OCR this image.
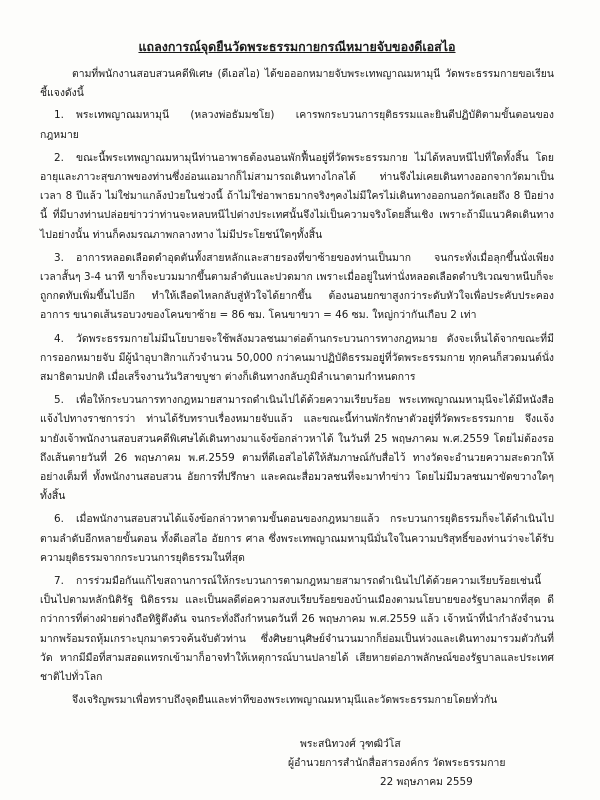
แถลงการณ์จุดยืนวัดพระธรรมกายกรณีหมายจับของดีเอสไอ

ตามที่พนักงานสอบสวนคดีพิเศษ (ดีเอสไอ) ได้ขอออกหมายจับพระเทพญาณมหามุนี วัดพระธรรมกายขอเรียนชี้แจงดังนี้

1. พระเทพญาณมหามุนี (หลวงพ่อธัมมชโย) เคารพกระบวนการยุติธรรมและยินดีปฏิบัติตามขั้นตอนของกฎหมาย

2. ขณะนี้พระเทพญาณมหามุนีท่านอาพาธต้องนอนพักฟื้นอยู่ที่วัดพระธรรมกาย ไม่ได้หลบหนีไปที่ใดทั้งสิ้น โดยอายุและภาวะสุขภาพของท่านซึ่งอ่อนแอมากก็ไม่สามารถเดินทางไกลได้ ท่านจึงไม่เคยเดินทางออกจากวัดมาเป็นเวลา 8 ปีแล้ว ไม่ใช่มาแกล้งป่วยในช่วงนี้ ถ้าไม่ใช่อาพาธมากจริงๆคงไม่มีใครไม่เดินทางออกนอกวัดเลยถึง 8 ปีอย่างนี้ ที่มีบางท่านปล่อยข่าวว่าท่านจะหลบหนีไปต่างประเทศนั้นจึงไม่เป็นความจริงโดยสิ้นเชิง เพราะถ้ามีแนวคิดเดินทางไปอย่างนั้น ท่านก็คงมรณภาพกลางทาง ไม่มีประโยชน์ใดๆทั้งสิ้น

3. อาการหลอดเลือดดำอุดตันทั้งสายหลักและสายรองที่ขาซ้ายของท่านเป็นมาก จนกระทั่งเมื่อลุกขึ้นนั่งเพียงเวลาสั้นๆ 3-4 นาที ขาก็จะบวมมากขึ้นตามลำดับและปวดมาก เพราะเมื่ออยู่ในท่านั่งหลอดเลือดดำบริเวณขาหนีบก็จะถูกกดทับเพิ่มขึ้นไปอีก ทำให้เลือดไหลกลับสู่หัวใจได้ยากขึ้น ต้องนอนยกขาสูงกว่าระดับหัวใจเพื่อประคับประคองอาการ ขนาดเส้นรอบวงของโคนขาซ้าย = 86 ซม. โคนขาขวา = 46 ซม. ใหญ่กว่ากันเกือบ 2 เท่า

4. วัดพระธรรมกายไม่มีนโยบายจะใช้พลังมวลชนมาต่อต้านกระบวนการทางกฎหมาย ดังจะเห็นได้จากขณะที่มีการออกหมายจับ มีผู้นำอุบาสิกาแก้วจำนวน 50,000 กว่าคนมาปฏิบัติธรรมอยู่ที่วัดพระธรรมกาย ทุกคนก็สวดมนต์นั่งสมาธิตามปกติ เมื่อเสร็จงานวันวิสาขบูชา ต่างก็เดินทางกลับภูมิลำเนาตามกำหนดการ

5. เพื่อให้กระบวนการทางกฎหมายสามารถดำเนินไปได้ด้วยความเรียบร้อย พระเทพญาณมหามุนีจะได้มีหนังสือแจ้งไปทางราชการว่า ท่านได้รับทราบเรื่องหมายจับแล้ว และขณะนี้ท่านพักรักษาตัวอยู่ที่วัดพระธรรมกาย จึงแจ้งมายังเจ้าพนักงานสอบสวนคดีพิเศษได้เดินทางมาแจ้งข้อกล่าวหาได้ ในวันที่ 25 พฤษภาคม พ.ศ.2559 โดยไม่ต้องรอถึงเส้นตายวันที่ 26 พฤษภาคม พ.ศ.2559 ตามที่ดีเอสไอได้ให้สัมภาษณ์กับสื่อไว้ ทางวัดจะอำนวยความสะดวกให้อย่างเต็มที่ ทั้งพนักงานสอบสวน อัยการที่ปรึกษา และคณะสื่อมวลชนที่จะมาทำข่าว โดยไม่มีมวลชนมาขัดขวางใดๆทั้งสิ้น

6. เมื่อพนักงานสอบสวนได้แจ้งข้อกล่าวหาตามขั้นตอนของกฎหมายแล้ว กระบวนการยุติธรรมก็จะได้ดำเนินไปตามลำดับอีกหลายขั้นตอน ทั้งดีเอสไอ อัยการ ศาล ซึ่งพระเทพญาณมหามุนีมั่นใจในความบริสุทธิ์ของท่านว่าจะได้รับความยุติธรรมจากกระบวนการยุติธรรมในที่สุด

7. การร่วมมือกันแก้ไขสถานการณ์ให้กระบวนการตามกฎหมายสามารถดำเนินไปได้ด้วยความเรียบร้อยเช่นนี้ เป็นไปตามหลักนิติรัฐ นิติธรรม และเป็นผลดีต่อความสงบเรียบร้อยของบ้านเมืองตามนโยบายของรัฐบาลมากที่สุด ดีกว่าการที่ต่างฝ่ายต่างถือทิฐิตึงดัน จนกระทั่งถึงกำหนดวันที่ 26 พฤษภาคม พ.ศ.2559 แล้ว เจ้าหน้าที่นำกำลังจำนวนมากพร้อมรถหุ้มเกราะบุกมาตรวจค้นจับตัวท่าน ซึ่งศิษยานุศิษย์จำนวนมากก็ย่อมเป็นห่วงและเดินทางมารวมตัวกันที่วัด หากมีมือที่สามสอดแทรกเข้ามาก็อาจทำให้เหตุการณ์บานปลายได้ เสียหายต่อภาพลักษณ์ของรัฐบาลและประเทศชาติไปทั่วโลก

จึงเจริญพรมาเพื่อทราบถึงจุดยืนและท่าทีของพระเทพญาณมหามุนีและวัดพระธรรมกายโดยทั่วกัน

พระสนิทวงศ์ วุฑฒิวํโส
ผู้อำนวยการสำนักสื่อสารองค์กร วัดพระธรรมกาย
22 พฤษภาคม 2559
